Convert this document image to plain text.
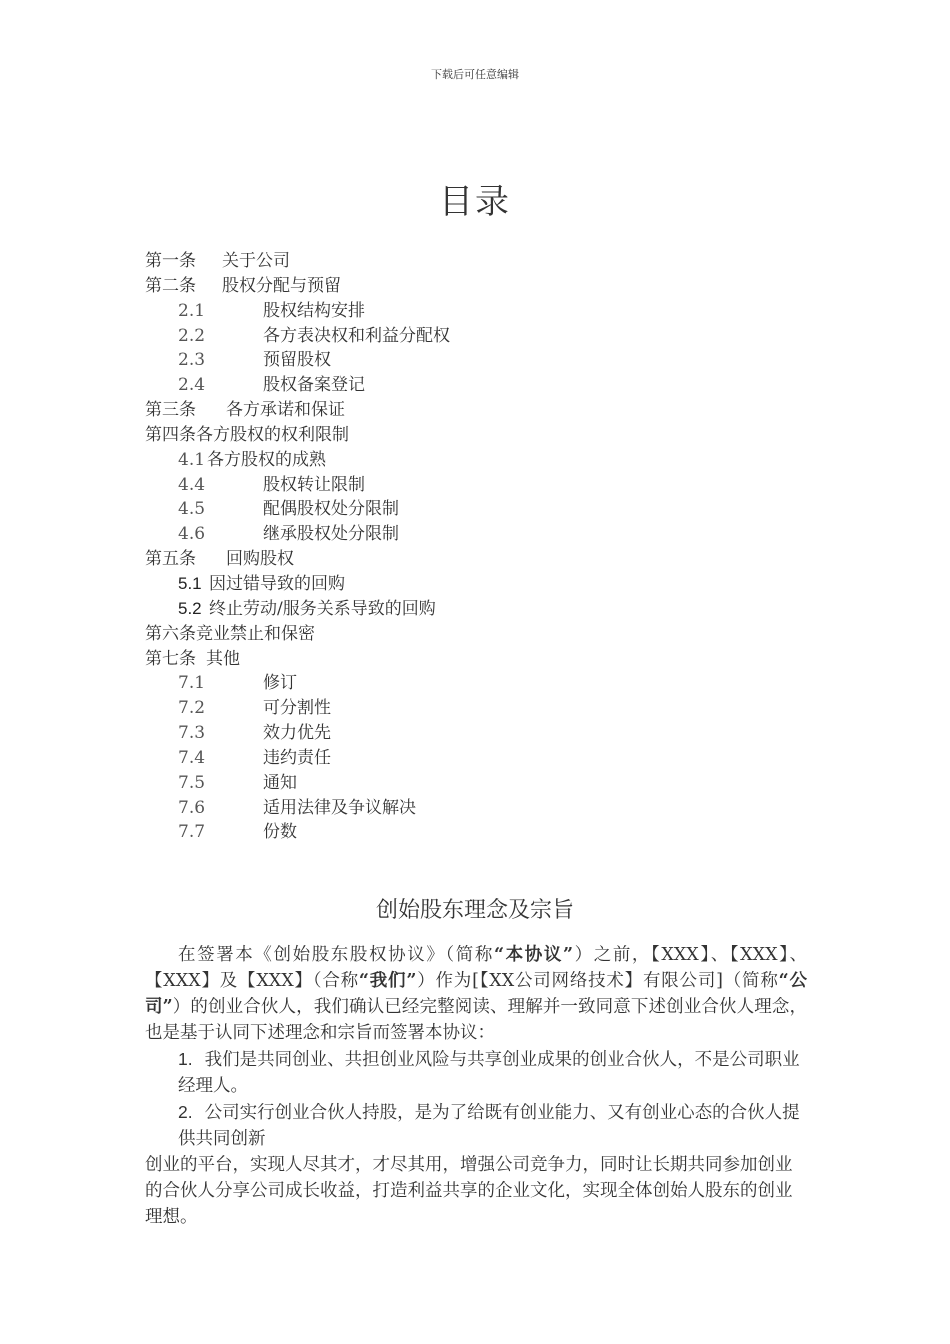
下载后可任意编辑
目录
第一条 关于公司
第二条 股权分配与预留
2.1	股权结构安排
2.2	各方表决权和利益分配权
2.3	预留股权
2.4	股权备案登记
第三条 各方承诺和保证
第四条各方股权的权利限制
4.1 各方股权的成熟
4.4	股权转让限制
4.5	配偶股权处分限制
4.6	继承股权处分限制
第五条 回购股权
5.1 因过错导致的回购
5.2 终止劳动/服务关系导致的回购
第六条竞业禁止和保密
第七条 其他
7.1	修订
7.2	可分割性
7.3	效力优先
7.4	违约责任
7.5	通知
7.6	适用法律及争议解决
7.7	份数
创始股东理念及宗旨

在签署本《创始股东股权协议》（简称“本协议”）之前，【XXX】、【XXX】、【XXX】及【XXX】（合称“我们”）作为[【XX公司网络技术】有限公司]（简称“公司”）的创业合伙人，我们确认已经完整阅读、理解并一致同意下述创业合伙人理念，也是基于认同下述理念和宗旨而签署本协议：

1. 我们是共同创业、共担创业风险与共享创业成果的创业合伙人，不是公司职业经理人。

2. 公司实行创业合伙人持股，是为了给既有创业能力、又有创业心态的合伙人提供共同创新

创业的平台，实现人尽其才，才尽其用，增强公司竞争力，同时让长期共同参加创业的合伙人分享公司成长收益，打造利益共享的企业文化，实现全体创始人股东的创业理想。
